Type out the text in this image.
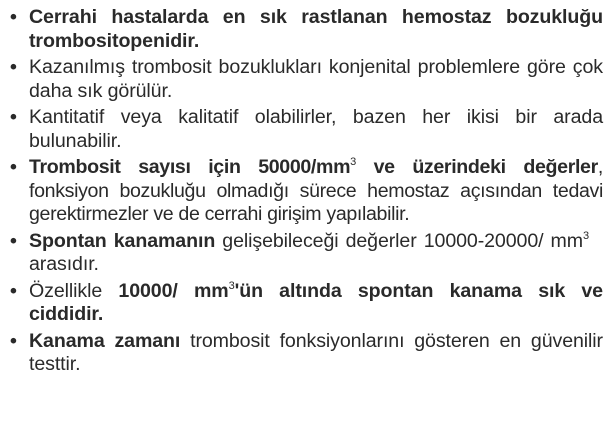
• Cerrahi hastalarda en sık rastlanan hemostaz bozukluğu trombositopenidir.
• Kazanılmış trombosit bozuklukları konjenital problemlere göre çok daha sık görülür.
• Kantitatif veya kalitatif olabilirler, bazen her ikisi bir arada bulunabilir.
• Trombosit sayısı için $50000/mm^3$ ve üzerindeki değerler, fonksiyon bozukluğu olmadığı sürece hemostaz açısından tedavi gerektirmezler ve de cerrahi girişim yapılabilir.
• Spontan kanamanın gelişebileceği değerler 10000-20000/ $mm^3arasıdır$.
• Özellikle 10000/ $mm^3'ün$ altında spontan kanama sık ve ciddidir.
• Kanama zamanı trombosit fonksiyonlarını gösteren en güvenilir testtir.
